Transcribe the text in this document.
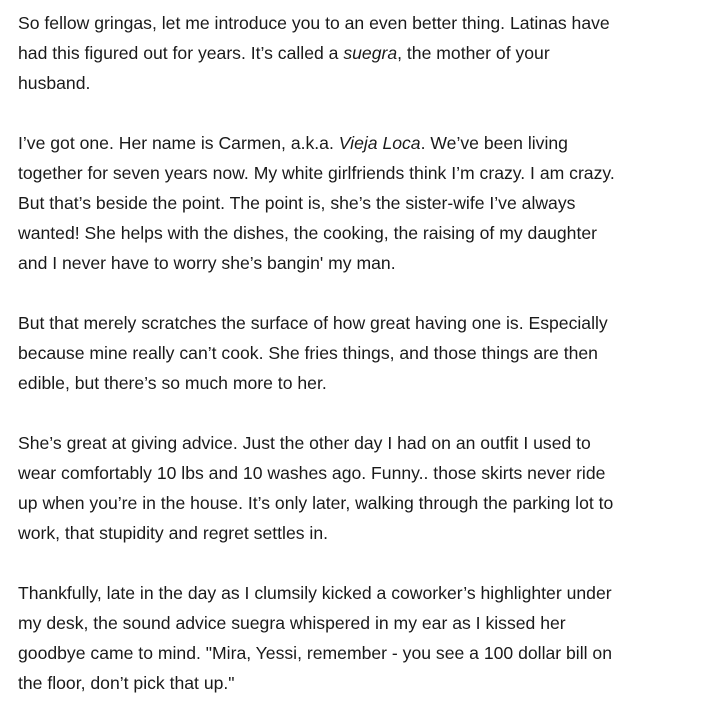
So fellow gringas, let me introduce you to an even better thing. Latinas have
had this figured out for years. It’s called a suegra, the mother of your
husband.

I’ve got one. Her name is Carmen, a.k.a. Vieja Loca. We’ve been living
together for seven years now. My white girlfriends think I’m crazy. I am crazy.
But that’s beside the point. The point is, she’s the sister-wife I’ve always
wanted! She helps with the dishes, the cooking, the raising of my daughter
and I never have to worry she’s bangin' my man.

But that merely scratches the surface of how great having one is. Especially
because mine really can’t cook. She fries things, and those things are then
edible, but there’s so much more to her.

She’s great at giving advice. Just the other day I had on an outfit I used to
wear comfortably 10 lbs and 10 washes ago. Funny.. those skirts never ride
up when you’re in the house. It’s only later, walking through the parking lot to
work, that stupidity and regret settles in.

Thankfully, late in the day as I clumsily kicked a coworker’s highlighter under
my desk, the sound advice suegra whispered in my ear as I kissed her
goodbye came to mind. "Mira, Yessi, remember - you see a 100 dollar bill on
the floor, don’t pick that up."
